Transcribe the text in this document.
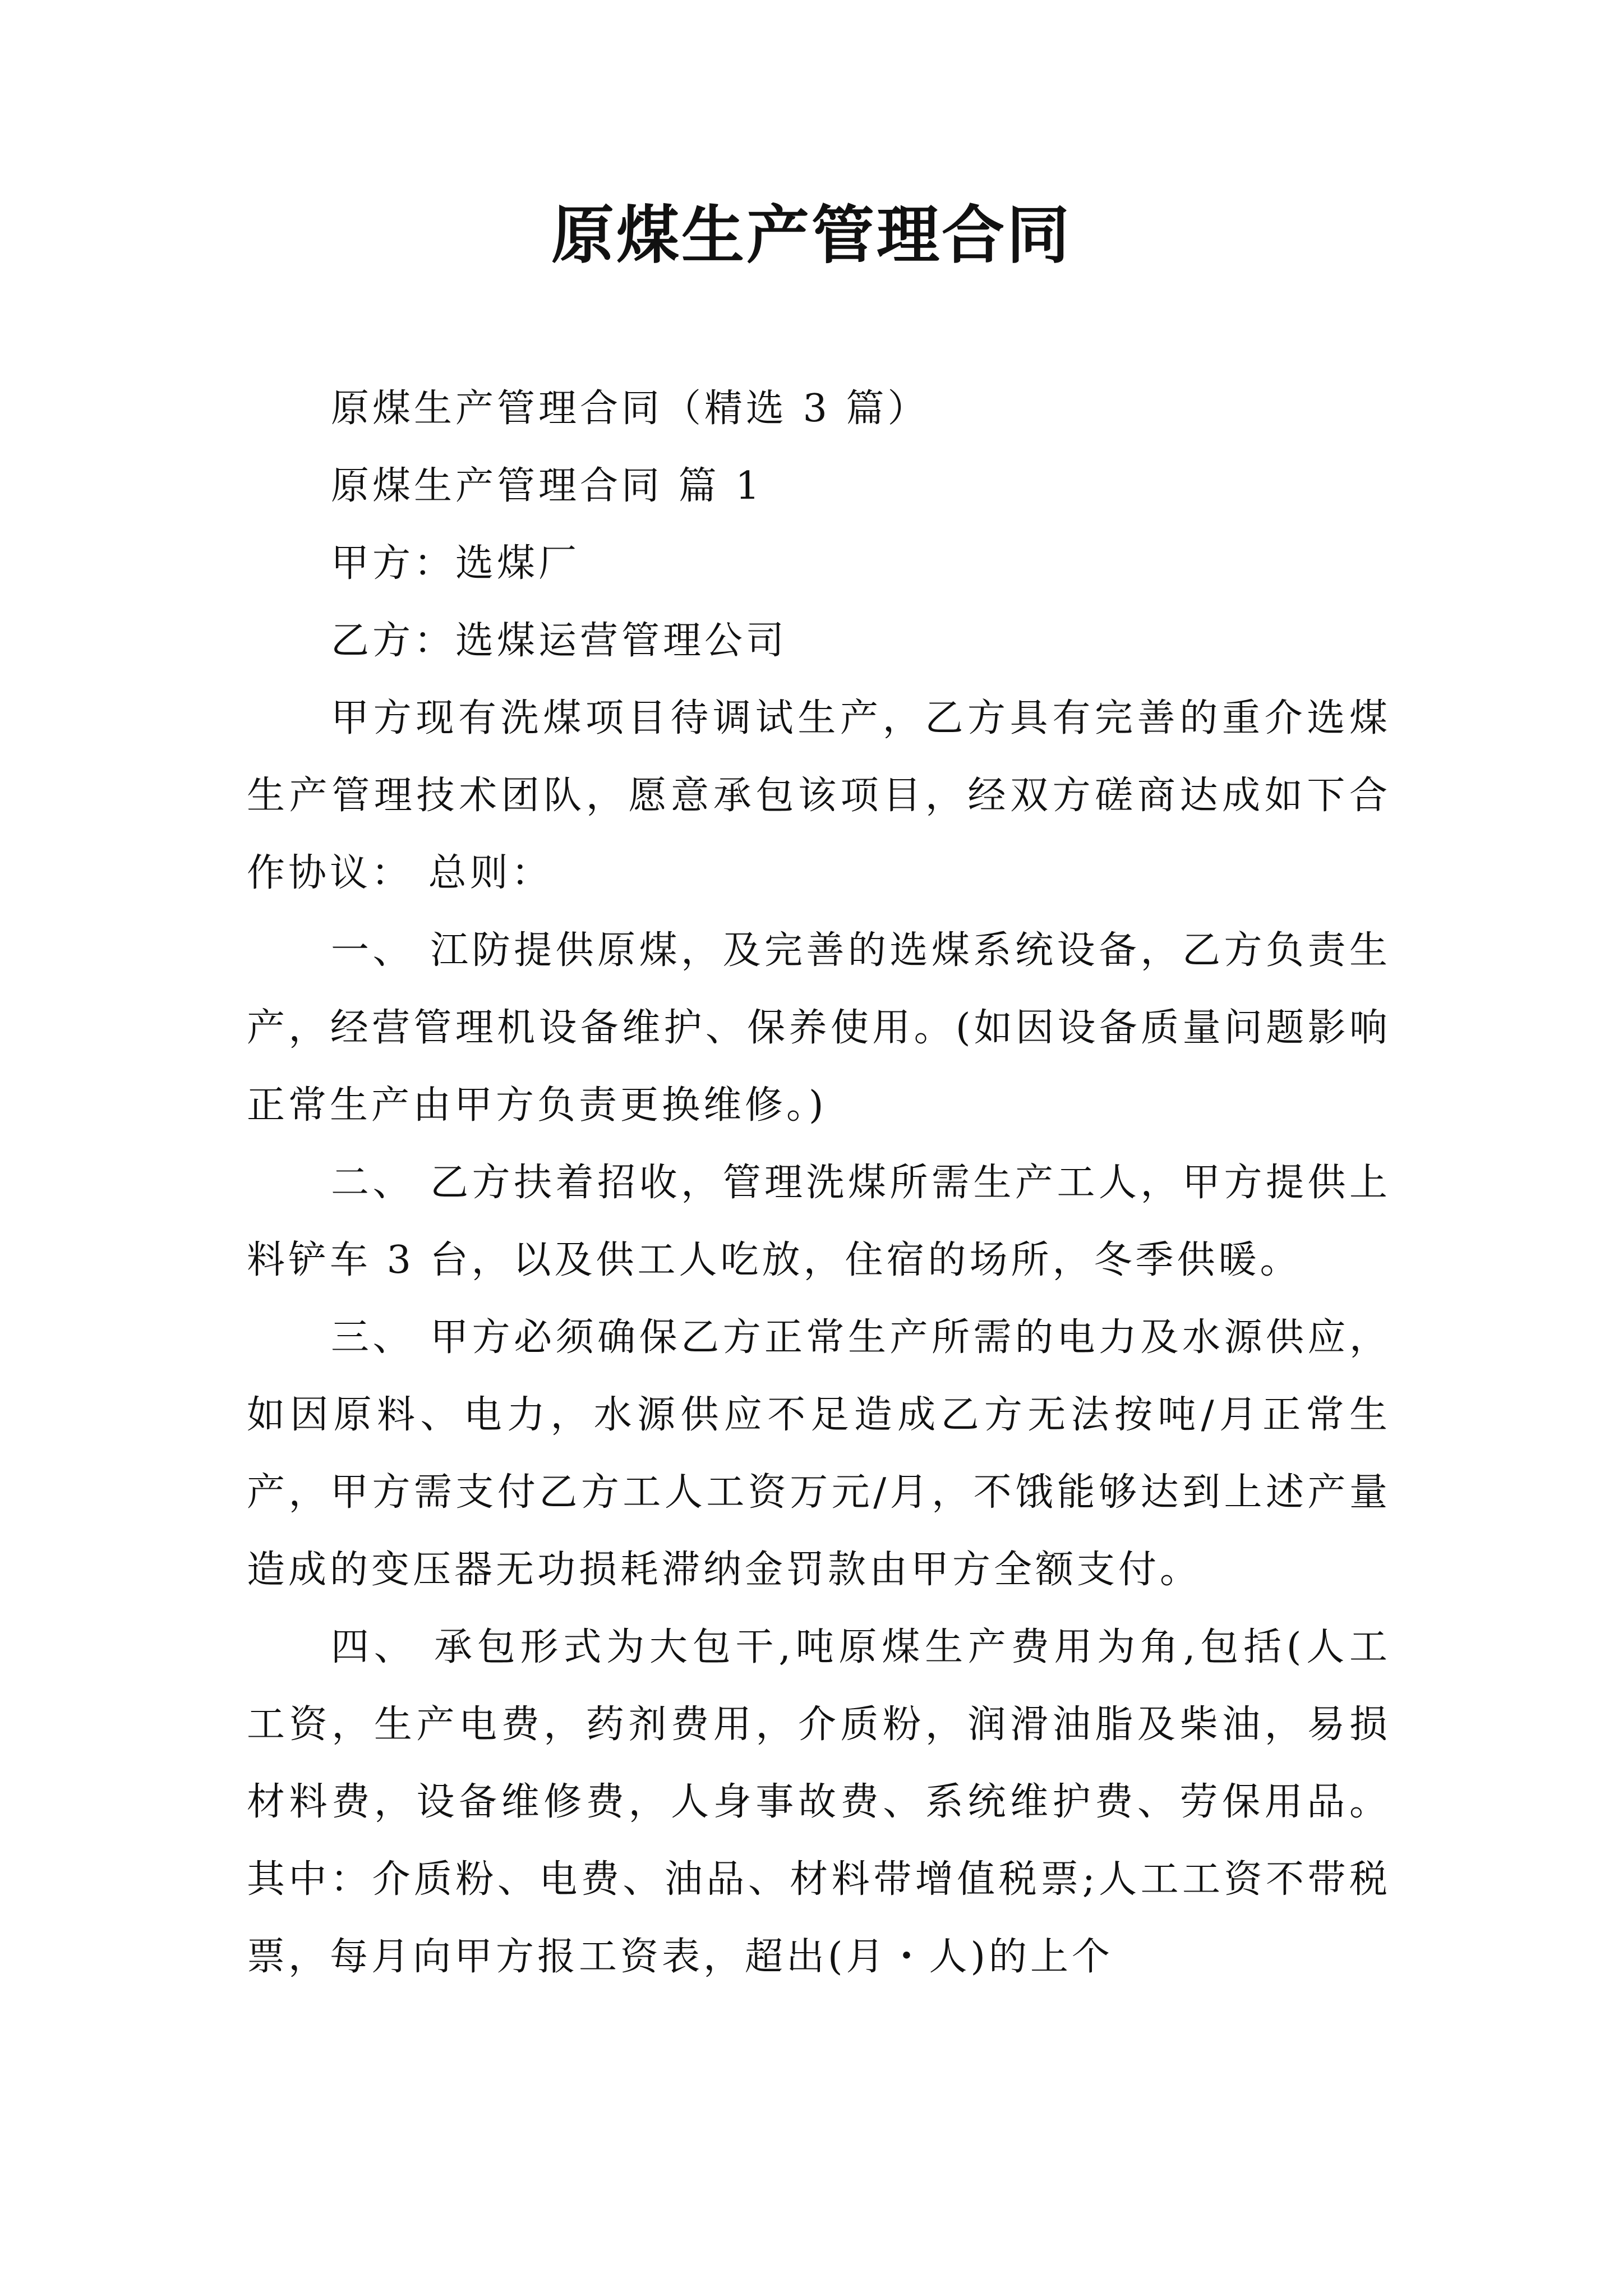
原煤生产管理合同

原煤生产管理合同（精选 3 篇）

原煤生产管理合同 篇 1

甲方：选煤厂

乙方：选煤运营管理公司

甲方现有洗煤项目待调试生产，乙方具有完善的重介选煤生产管理技术团队，愿意承包该项目，经双方磋商达成如下合作协议： 总则：

一、 江防提供原煤，及完善的选煤系统设备，乙方负责生产，经营管理机设备维护、保养使用。(如因设备质量问题影响正常生产由甲方负责更换维修。)

二、 乙方扶着招收，管理洗煤所需生产工人，甲方提供上料铲车 3 台，以及供工人吃放，住宿的场所，冬季供暖。

三、 甲方必须确保乙方正常生产所需的电力及水源供应，如因原料、电力，水源供应不足造成乙方无法按吨/月正常生产，甲方需支付乙方工人工资万元/月，不饿能够达到上述产量造成的变压器无功损耗滞纳金罚款由甲方全额支付。

四、 承包形式为大包干,吨原煤生产费用为角,包括(人工工资，生产电费，药剂费用，介质粉，润滑油脂及柴油，易损材料费，设备维修费，人身事故费、系统维护费、劳保用品。其中：介质粉、电费、油品、材料带增值税票;人工工资不带税票，每月向甲方报工资表，超出(月・人)的上个
